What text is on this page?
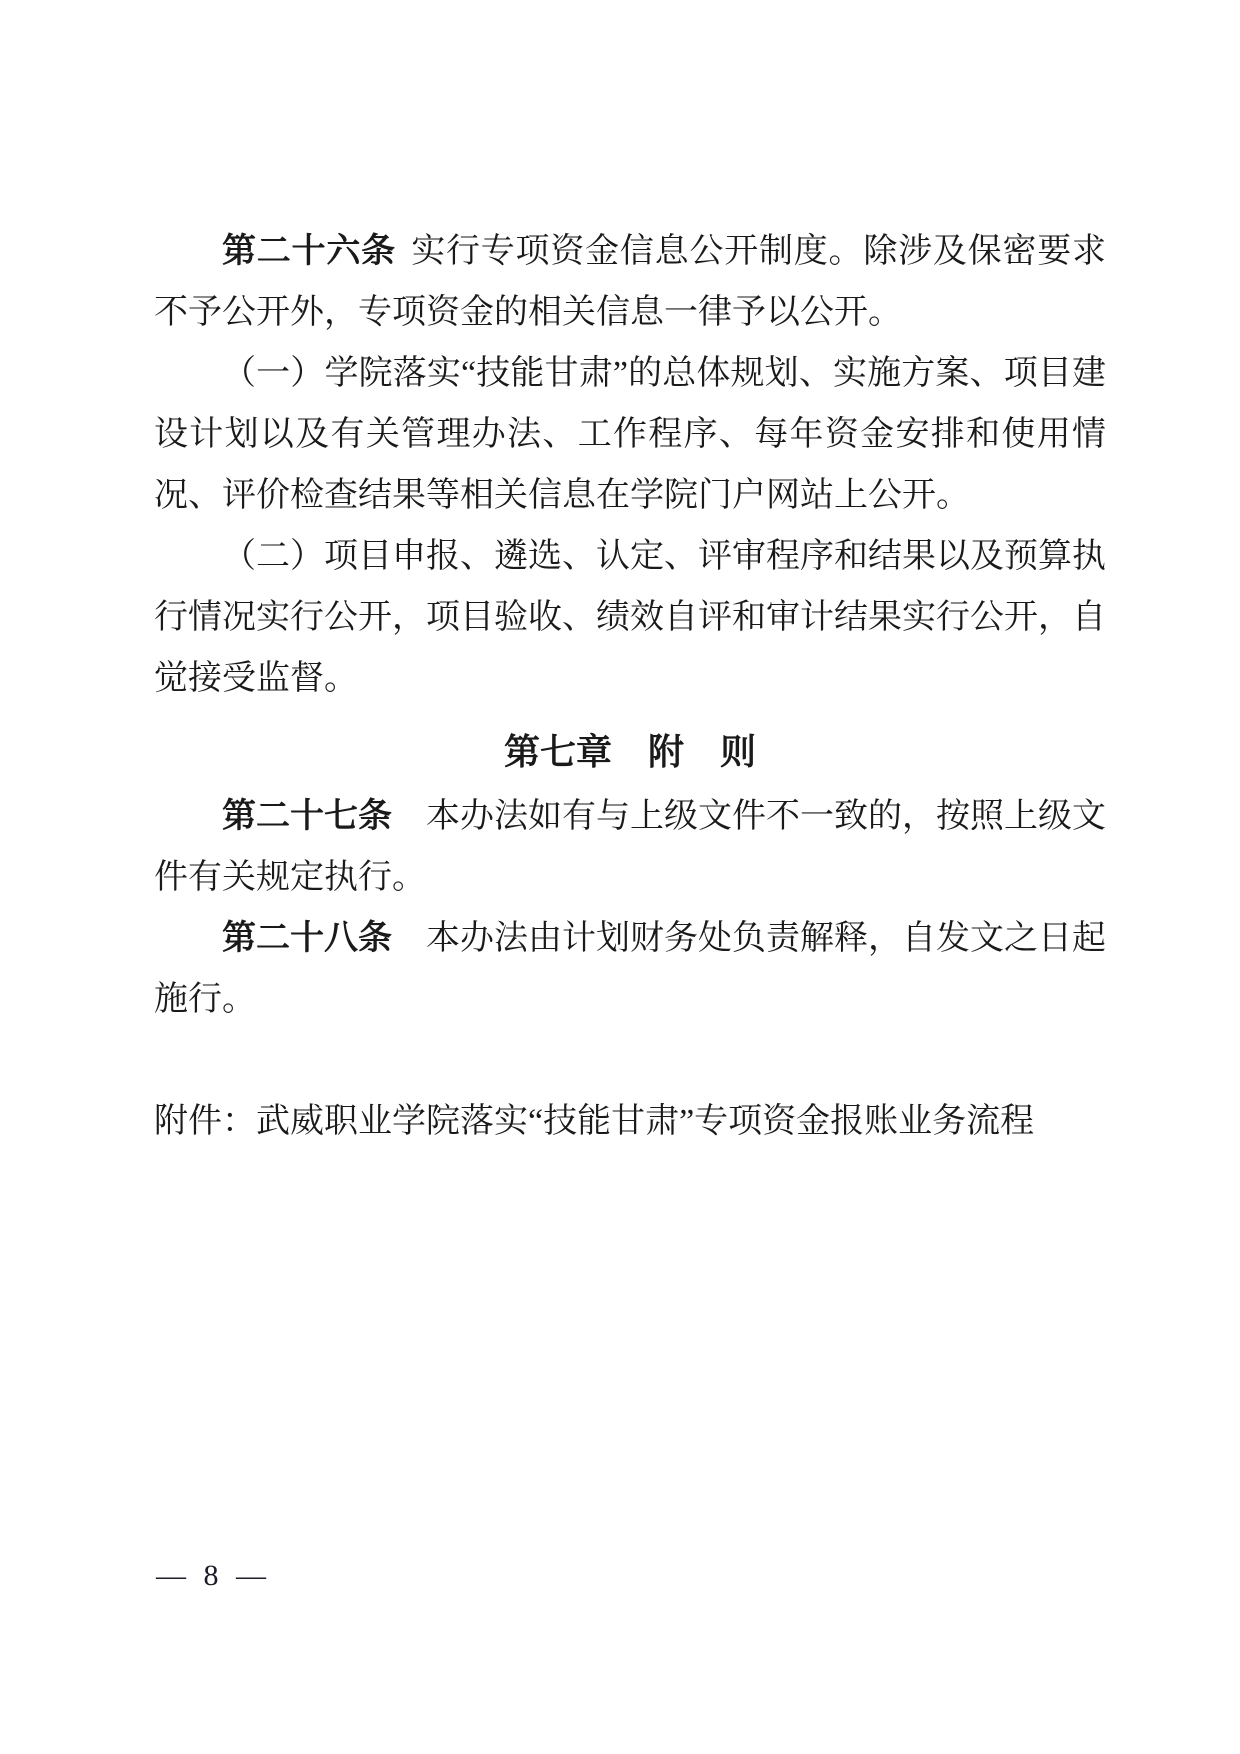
第二十六条 实行专项资金信息公开制度。除涉及保密要求不予公开外，专项资金的相关信息一律予以公开。

（一）学院落实“技能甘肃”的总体规划、实施方案、项目建设计划以及有关管理办法、工作程序、每年资金安排和使用情况、评价检查结果等相关信息在学院门户网站上公开。

（二）项目申报、遴选、认定、评审程序和结果以及预算执行情况实行公开，项目验收、绩效自评和审计结果实行公开，自觉接受监督。

第七章　附　则

第二十七条 本办法如有与上级文件不一致的，按照上级文件有关规定执行。

第二十八条 本办法由计划财务处负责解释，自发文之日起施行。

附件：武威职业学院落实“技能甘肃”专项资金报账业务流程

— 8 —
